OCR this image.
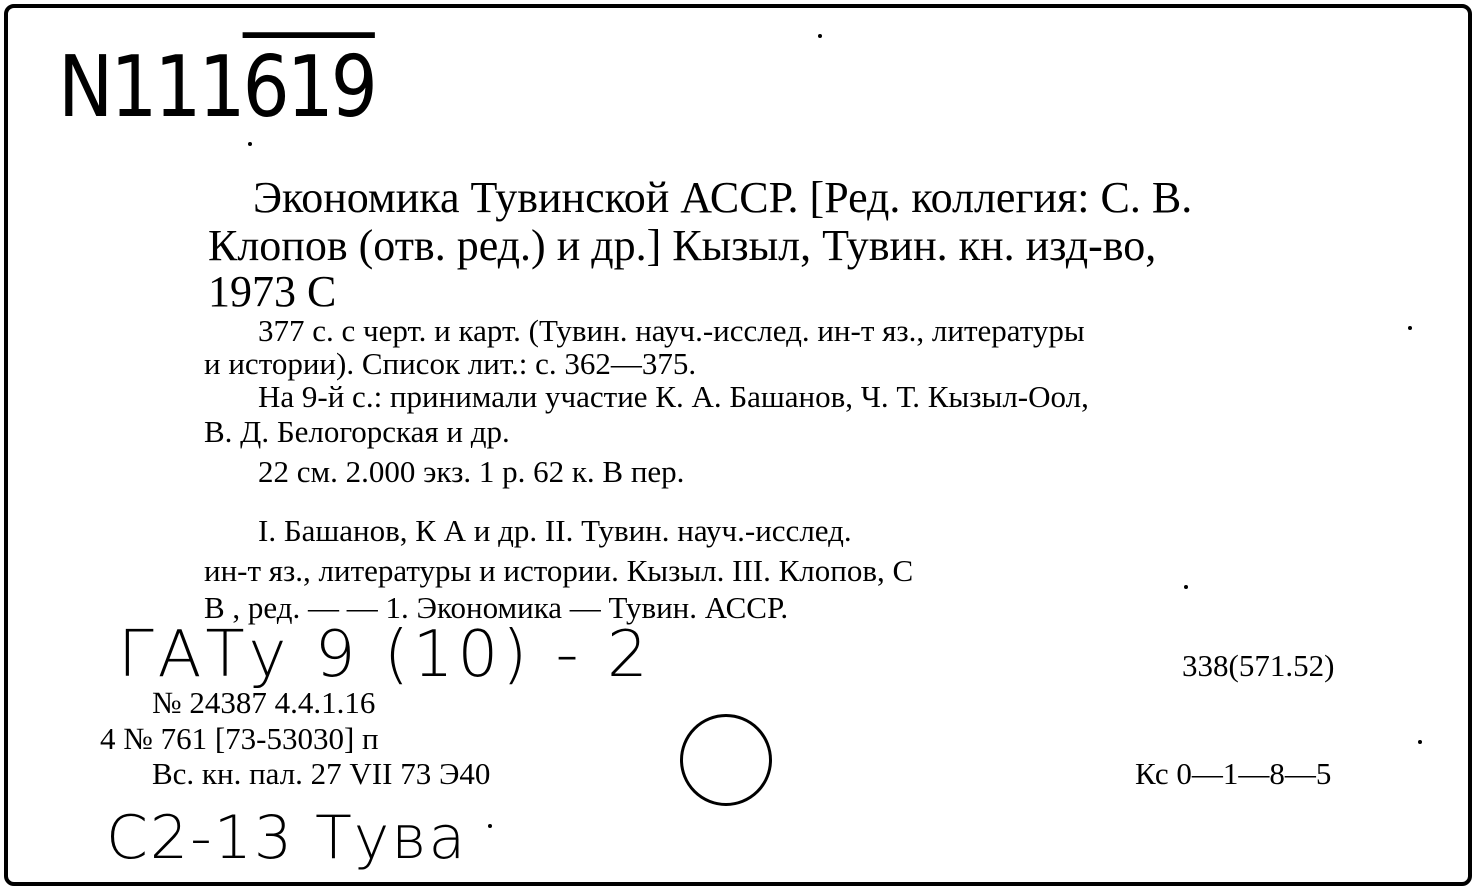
N111619
Экономика Тувинской АССР. [Ред. коллегия: С. В.
Клопов (отв. ред.) и др.] Кызыл, Тувин. кн. изд-во,
1973 С
377 с. с черт. и карт. (Тувин. науч.-исслед. ин-т яз., литературы
и истории). Список лит.: с. 362—375.
На 9-й с.: принимали участие К. А. Башанов, Ч. Т. Кызыл-Оол,
В. Д. Белогорская и др.
22 см. 2.000 экз. 1 р. 62 к. В пер.
I. Башанов, К А и др. II. Тувин. науч.-исслед.
ин-т яз., литературы и истории. Кызыл. III. Клопов, С
В , ред. — — 1. Экономика — Тувин. АССР.
ГАТу 9 (10) - 2
№ 24387 4.4.1.16
4 № 761 [73-53030] п
Вс. кн. пал. 27 VII 73 Э40
С2-13 Тува
338(571.52)
Кс 0—1—8—5
